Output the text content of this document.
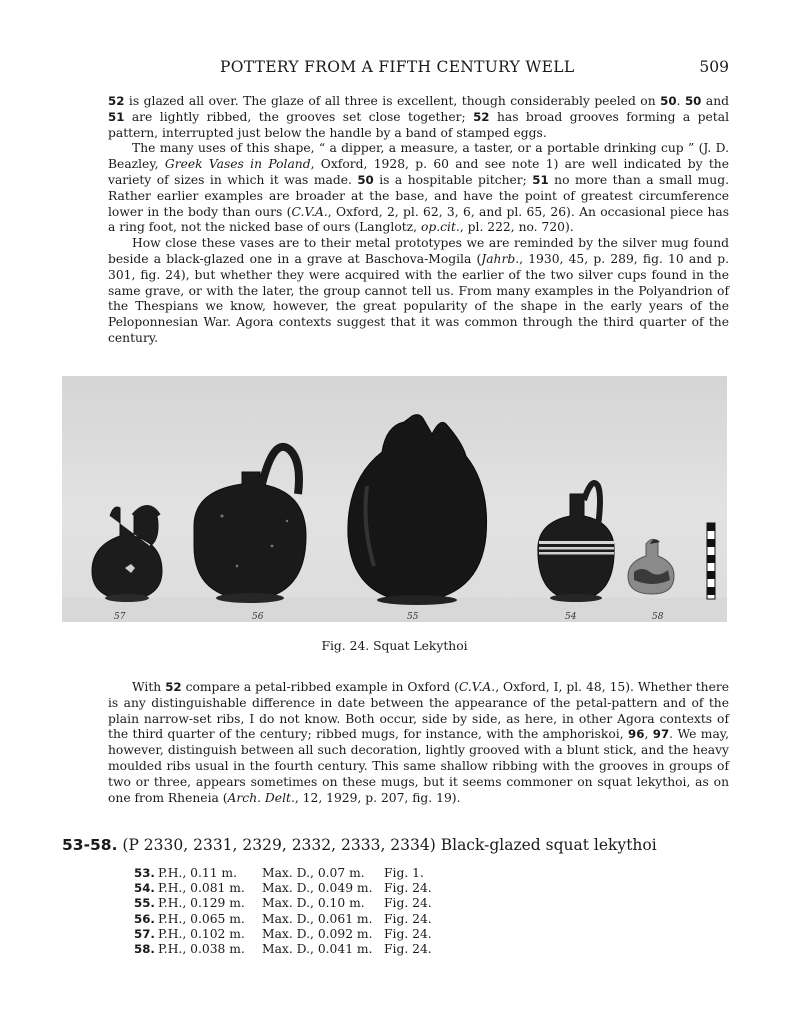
POTTERY FROM A FIFTH CENTURY WELL	509

52 is glazed all over. The glaze of all three is excellent, though considerably peeled on 50. 50 and 51 are lightly ribbed, the grooves set close together; 52 has broad grooves forming a petal pattern, interrupted just below the handle by a band of stamped eggs.

The many uses of this shape, “ a dipper, a measure, a taster, or a portable drinking cup ” (J. D. Beazley, Greek Vases in Poland, Oxford, 1928, p. 60 and see note 1) are well indicated by the variety of sizes in which it was made. 50 is a hospitable pitcher; 51 no more than a small mug. Rather earlier examples are broader at the base, and have the point of greatest circumference lower in the body than ours (C.V.A., Oxford, 2, pl. 62, 3, 6, and pl. 65, 26). An occasional piece has a ring foot, not the nicked base of ours (Langlotz, op.cit., pl. 222, no. 720).

How close these vases are to their metal prototypes we are reminded by the silver mug found beside a black-glazed one in a grave at Baschova-Mogila (Jahrb., 1930, 45, p. 289, fig. 10 and p. 301, fig. 24), but whether they were acquired with the earlier of the two silver cups found in the same grave, or with the later, the group cannot tell us. From many examples in the Polyandrion of the Thespians we know, however, the great popularity of the shape in the early years of the Peloponnesian War. Agora contexts suggest that it was common through the third quarter of the century.

57	56	55	54	58
Fig. 24. Squat Lekythoi

With 52 compare a petal-ribbed example in Oxford (C.V.A., Oxford, I, pl. 48, 15). Whether there is any distinguishable difference in date between the appearance of the petal-pattern and of the plain narrow-set ribs, I do not know. Both occur, side by side, as here, in other Agora contexts of the third quarter of the century; ribbed mugs, for instance, with the amphoriskoi, 96, 97. We may, however, distinguish between all such decoration, lightly grooved with a blunt stick, and the heavy moulded ribs usual in the fourth century. This same shallow ribbing with the grooves in groups of two or three, appears sometimes on these mugs, but it seems commoner on squat lekythoi, as on one from Rheneia (Arch. Delt., 12, 1929, p. 207, fig. 19).

53-58. (P 2330, 2331, 2329, 2332, 2333, 2334) Black-glazed squat lekythoi
53. P.H., 0.11 m. Max. D., 0.07 m. Fig. 1.
54. P.H., 0.081 m. Max. D., 0.049 m. Fig. 24.
55. P.H., 0.129 m. Max. D., 0.10 m. Fig. 24.
56. P.H., 0.065 m. Max. D., 0.061 m. Fig. 24.
57. P.H., 0.102 m. Max. D., 0.092 m. Fig. 24.
58. P.H., 0.038 m. Max. D., 0.041 m. Fig. 24.
